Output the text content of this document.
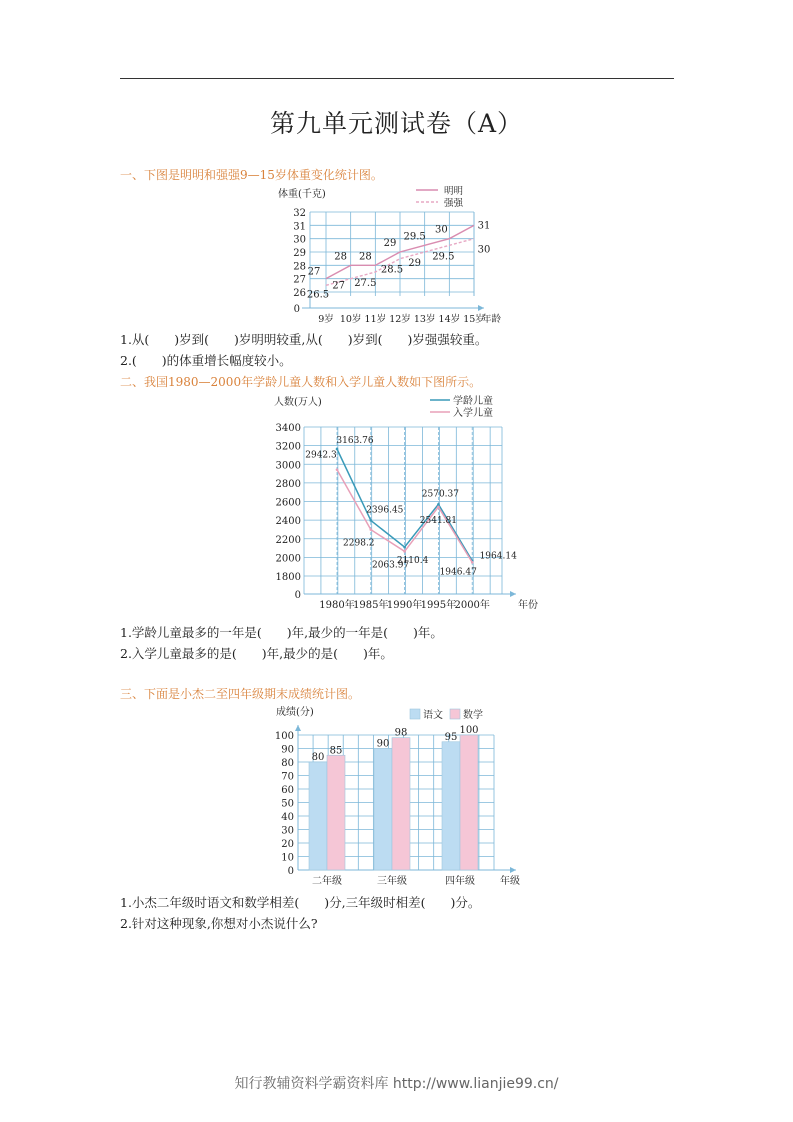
第九单元测试卷（A）
一、下图是明明和强强9—15岁体重变化统计图。
26
27
28
29
30
31
32
0
9岁 10岁 11岁 12岁 13岁 14岁 15岁
年龄
体重(千克)
27
28 28
29
29.5
30	31
26.5
27 27.5
28.5
29
29.5
30
明明
强强
1.从(　　)岁到(　　)岁明明较重,从(　　)岁到(　　)岁强强较重。
2.(　　)的体重增长幅度较小。
二、我国1980—2000年学龄儿童人数和入学儿童人数如下图所示。
1800
2000
2200
2400
2600
2800
3000
3200
3400
0
1980年
1985年
1990年
1995年
2000年	年份
人数(万人)
3163.76
2396.45
2110.4
2570.37
1964.14
2942.3
2298.2
2063.97
2541.81
1946.47
学龄儿童
入学儿童
1.学龄儿童最多的一年是(　　)年,最少的一年是(　　)年。
2.入学儿童最多的是(　　)年,最少的是(　　)年。
三、下面是小杰二至四年级期末成绩统计图。
10
20
30
40
50
60
70
80
90
100
0
成绩(分)
年级
80
85
二年级
90
98
三年级
95
100
四年级
语文 数学
1.小杰二年级时语文和数学相差(　　)分,三年级时相差(　　)分。
2.针对这种现象,你想对小杰说什么?
知行教辅资料学霸资料库 http://www.lianjie99.cn/
